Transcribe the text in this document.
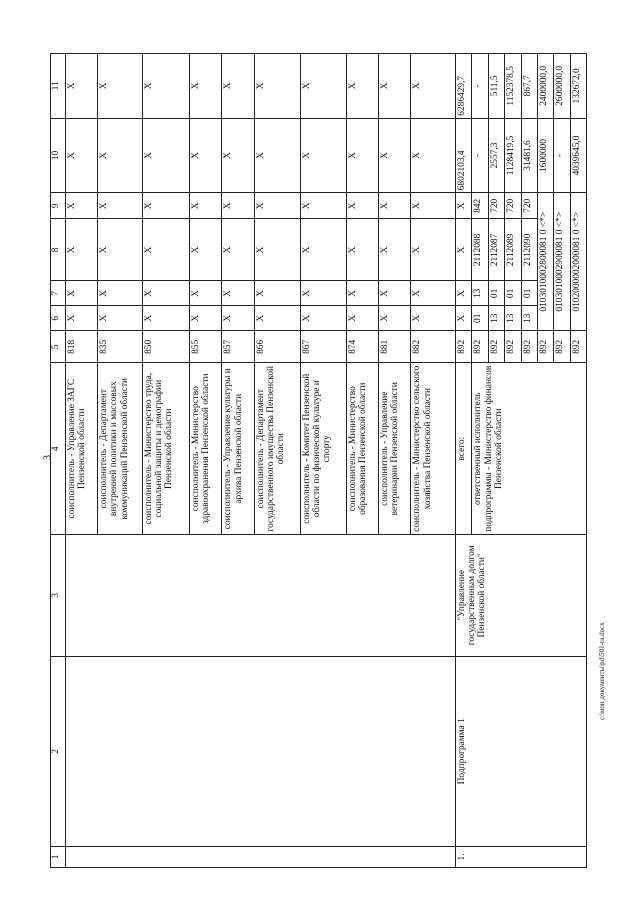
3
1	2	3	4	5	6	7	8	9	10	11
			соисполнитель - Управление ЗАГС Пензенской области	818	X	X	X	X	X	X
			соисполнитель - Департамент внутренней политики и массовых коммуникаций Пензенской области	835	X	X	X	X	X	X
			соисполнитель - Министерство труда, социальной защиты и демографии Пензенской области	850	X	X	X	X	X	X
			соисполнитель - Министерство здравоохранения Пензенской области	855	X	X	X	X	X	X
			соисполнитель - Управление культуры и архива Пензенской области	857	X	X	X	X	X	X
			соисполнитель - Департамент государственного имущества Пензенской области	866	X	X	X	X	X	X
			соисполнитель - Комитет Пензенской области по физической культуре и спорту	867	X	X	X	X	X	X
			соисполнитель - Министерство образования Пензенской области	874	X	X	X	X	X	X
			соисполнитель - Управление ветеринарии Пензенской области	881	X	X	X	X	X	X
			соисполнитель - Министерство сельского хозяйства Пензенской области	882	X	X	X	X	X	X
1.	Подпрограмма 1	"Управление государственным долгом Пензенской области"	всего:	892	X	X	X	X	6802103,4	6286429,7
			ответственный исполнитель подпрограммы - Министерство финансов Пензенской области	892	01	13	2112088	842	-	-
				892	13	01	2112087	720	2557,3	511,5
				892	13	01	2112089	720	1128419,5	1152378,5
				892	13	01	2112090	720	31481,6	867,7
				892	0103010002800081 0 <*>				1600000	2400000,0
				892	0103010002900081 0 <*>				-	2600000,0
				892	0102000002000081 0 <*>				4039645,0	132672,0
c:\мои документы\pd\501-ra.docx
